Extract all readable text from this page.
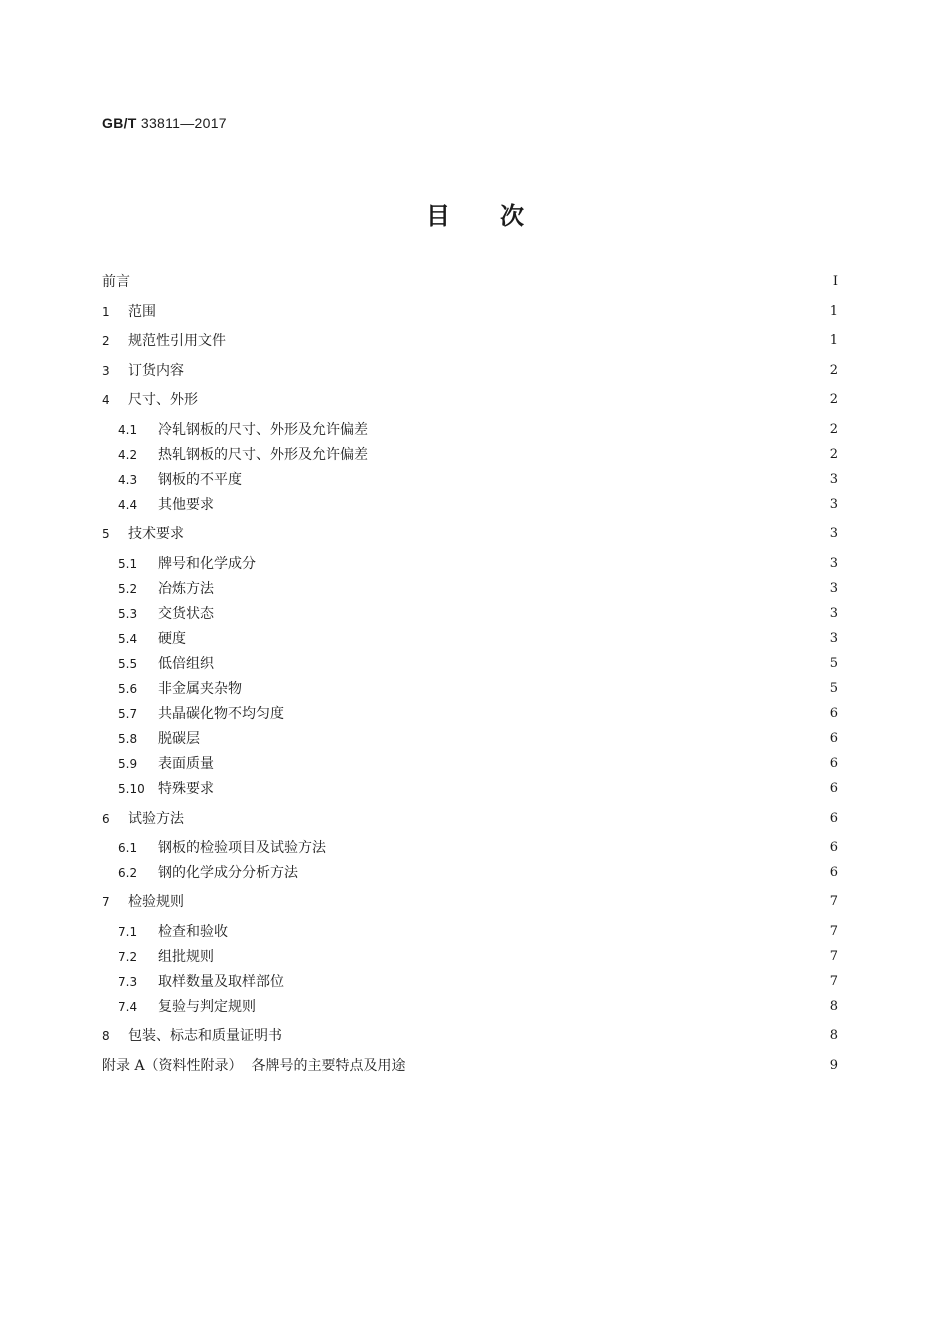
GB/T 33811—2017
目 次
前言	Ⅰ
1 范围	1
2 规范性引用文件	1
3 订货内容	2
4 尺寸、外形	2
4.1 冷轧钢板的尺寸、外形及允许偏差	2
4.2 热轧钢板的尺寸、外形及允许偏差	2
4.3 钢板的不平度	3
4.4 其他要求	3
5 技术要求	3
5.1 牌号和化学成分	3
5.2 冶炼方法	3
5.3 交货状态	3
5.4 硬度	3
5.5 低倍组织	5
5.6 非金属夹杂物	5
5.7 共晶碳化物不均匀度	6
5.8 脱碳层	6
5.9 表面质量	6
5.10 特殊要求	6
6 试验方法	6
6.1 钢板的检验项目及试验方法	6
6.2 钢的化学成分分析方法	6
7 检验规则	7
7.1 检查和验收	7
7.2 组批规则	7
7.3 取样数量及取样部位	7
7.4 复验与判定规则	8
8 包装、标志和质量证明书	8
附录 A（资料性附录）  各牌号的主要特点及用途	9
